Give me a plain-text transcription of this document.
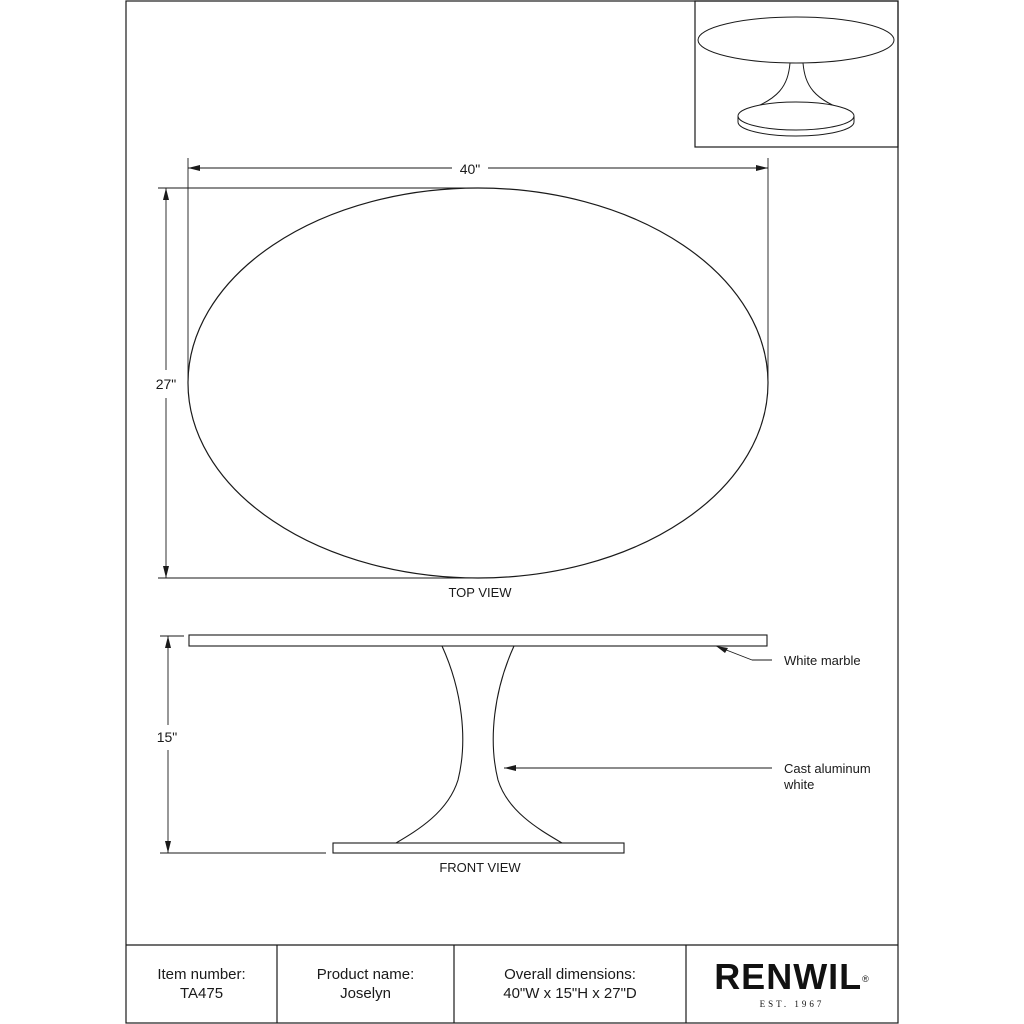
40"
27"
TOP VIEW
15"
White marble
Cast aluminum
white
FRONT VIEW
Item number:
TA475
Product name:
Joselyn
Overall dimensions:
40"W x 15"H x 27"D RENWIL®
EST. 1967
